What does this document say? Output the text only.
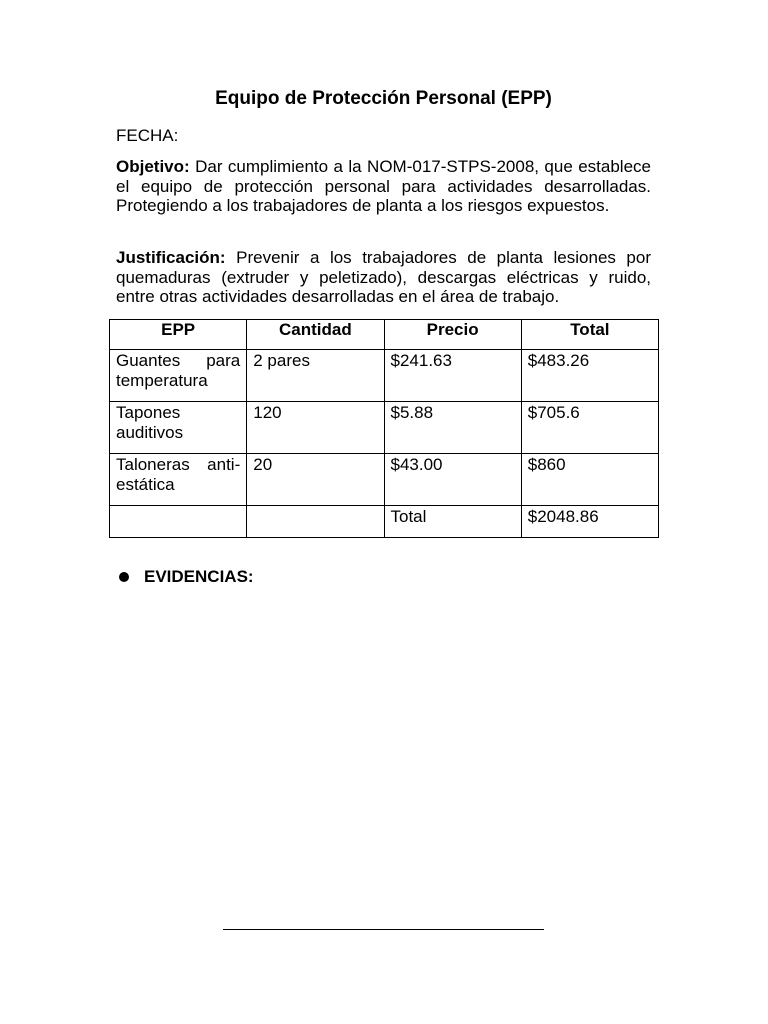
Equipo de Protección Personal (EPP)

FECHA:

Objetivo: Dar cumplimiento a la NOM-017-STPS-2008, que establece el equipo de protección personal para actividades desarrolladas. Protegiendo a los trabajadores de planta a los riesgos expuestos.

Justificación: Prevenir a los trabajadores de planta lesiones por quemaduras (extruder y peletizado), descargas eléctricas y ruido, entre otras actividades desarrolladas en el área de trabajo.

EPP	Cantidad	Precio	Total

Guantes para
temperatura	2 pares	$241.63	$483.26

Tapones
auditivos	120	$5.88	$705.6

Taloneras anti-
estática	20	$43.00	$860
		Total	$2048.86
EVIDENCIAS:
